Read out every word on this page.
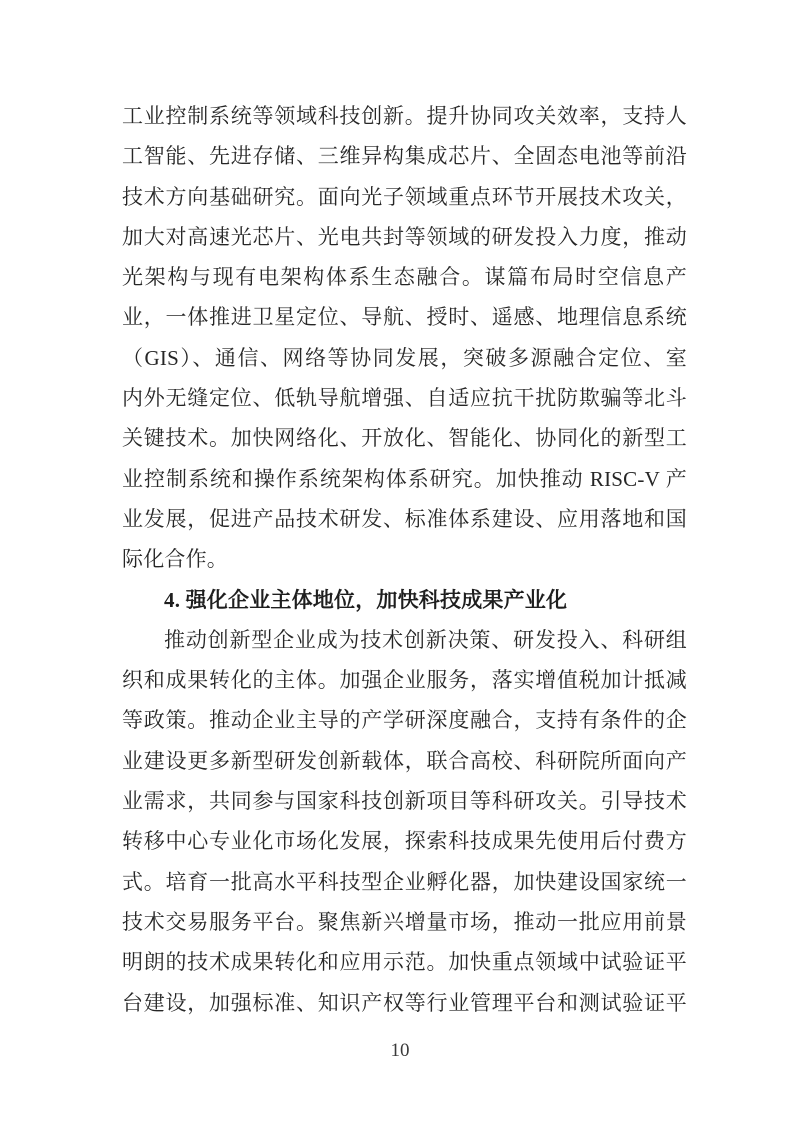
工业控制系统等领域科技创新。提升协同攻关效率，支持人
工智能、先进存储、三维异构集成芯片、全固态电池等前沿
技术方向基础研究。面向光子领域重点环节开展技术攻关，
加大对高速光芯片、光电共封等领域的研发投入力度，推动
光架构与现有电架构体系生态融合。谋篇布局时空信息产
业，一体推进卫星定位、导航、授时、遥感、地理信息系统
（GIS）、通信、网络等协同发展，突破多源融合定位、室
内外无缝定位、低轨导航增强、自适应抗干扰防欺骗等北斗
关键技术。加快网络化、开放化、智能化、协同化的新型工
业控制系统和操作系统架构体系研究。加快推动 RISC-V 产
业发展，促进产品技术研发、标准体系建设、应用落地和国
际化合作。
4. 强化企业主体地位，加快科技成果产业化
推动创新型企业成为技术创新决策、研发投入、科研组
织和成果转化的主体。加强企业服务，落实增值税加计抵减
等政策。推动企业主导的产学研深度融合，支持有条件的企
业建设更多新型研发创新载体，联合高校、科研院所面向产
业需求，共同参与国家科技创新项目等科研攻关。引导技术
转移中心专业化市场化发展，探索科技成果先使用后付费方
式。培育一批高水平科技型企业孵化器，加快建设国家统一
技术交易服务平台。聚焦新兴增量市场，推动一批应用前景
明朗的技术成果转化和应用示范。加快重点领域中试验证平
台建设，加强标准、知识产权等行业管理平台和测试验证平
10
